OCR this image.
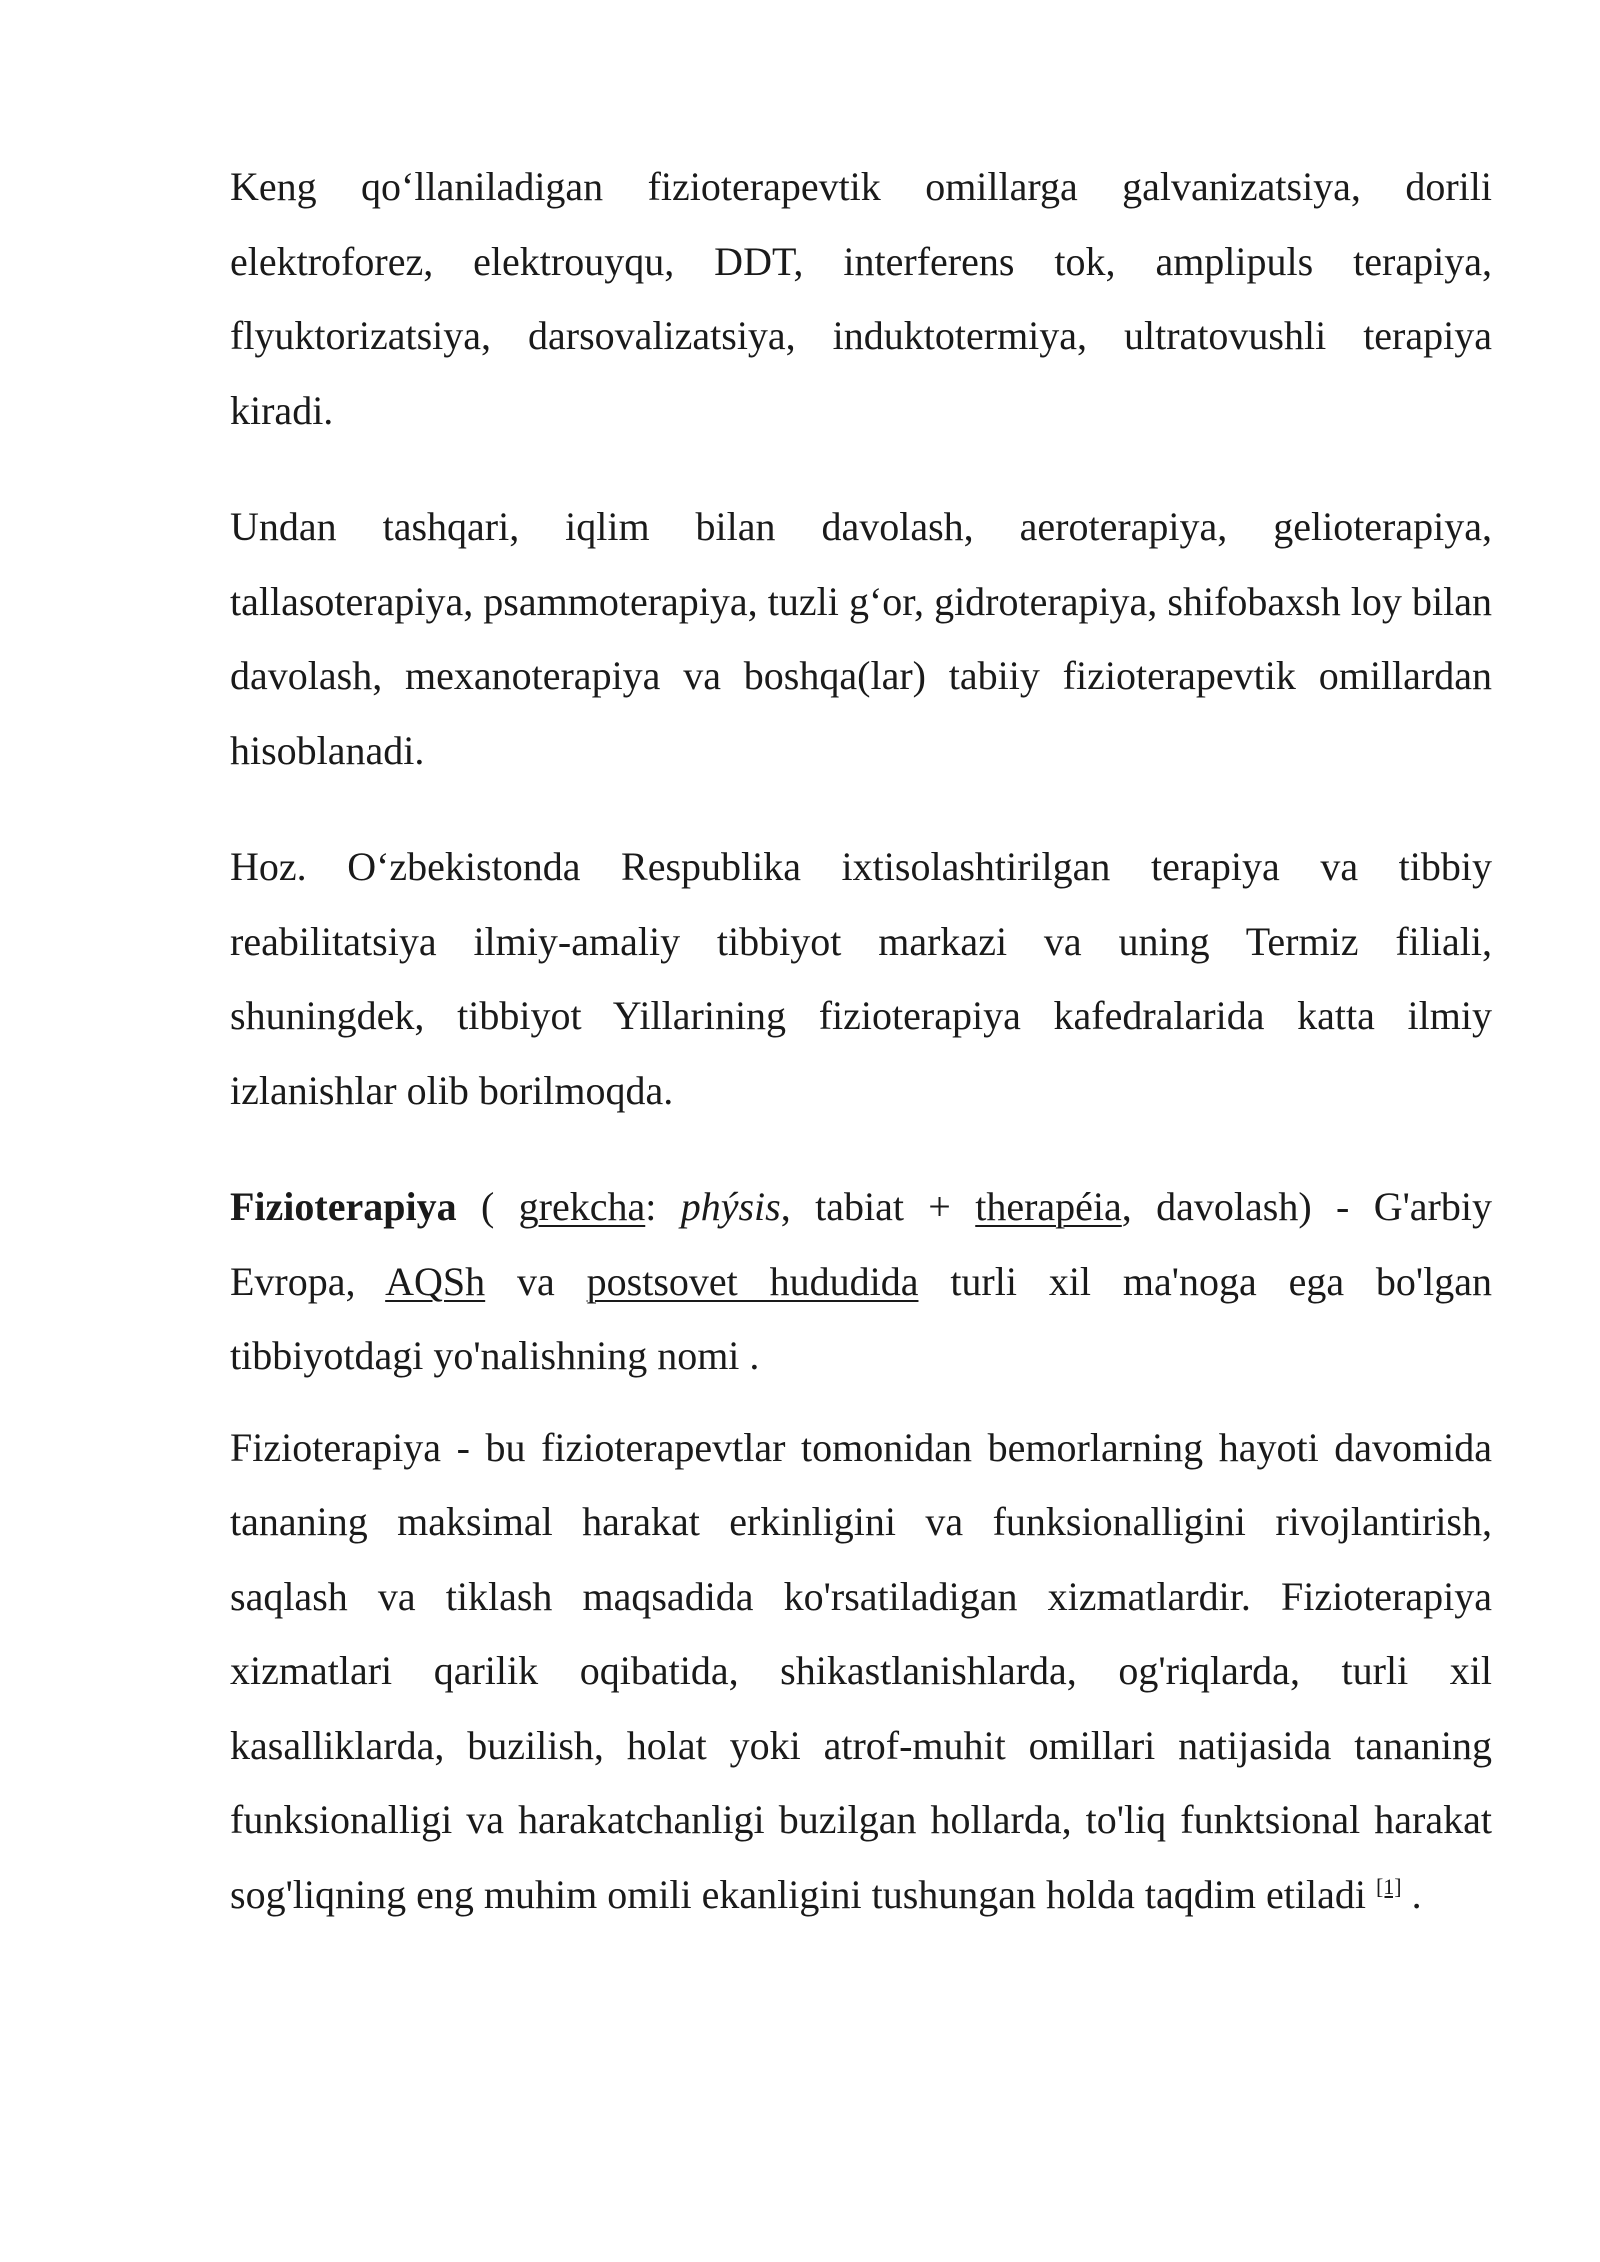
Keng qo‘llaniladigan fizioterapevtik omillarga galvanizatsiya, dorili elektroforez, elektrouyqu, DDT, interferens tok, amplipuls terapiya, flyuktorizatsiya, darsovalizatsiya, induktotermiya, ultratovushli terapiya kiradi.

Undan tashqari, iqlim bilan davolash, aeroterapiya, gelioterapiya, tallasoterapiya, psammoterapiya, tuzli g‘or, gidroterapiya, shifobaxsh loy bilan davolash, mexanoterapiya va boshqa(lar) tabiiy fizioterapevtik omillardan hisoblanadi.

Hoz. O‘zbekistonda Respublika ixtisolashtirilgan terapiya va tibbiy reabilitatsiya ilmiy-amaliy tibbiyot markazi va uning Termiz filiali, shuningdek, tibbiyot Yillarining fizioterapiya kafedralarida katta ilmiy izlanishlar olib borilmoqda.

Fizioterapiya ( grekcha: phýsis, tabiat + therapéia, davolash) - G'arbiy Evropa, AQSh va postsovet hududida turli xil ma'noga ega bo'lgan tibbiyotdagi yo'nalishning nomi .

Fizioterapiya - bu fizioterapevtlar tomonidan bemorlarning hayoti davomida tananing maksimal harakat erkinligini va funksionalligini rivojlantirish, saqlash va tiklash maqsadida ko'rsatiladigan xizmatlardir. Fizioterapiya xizmatlari qarilik oqibatida, shikastlanishlarda, og'riqlarda, turli xil kasalliklarda, buzilish, holat yoki atrof-muhit omillari natijasida tananing funksionalligi va harakatchanligi buzilgan hollarda, to'liq funktsional harakat sog'liqning eng muhim omili ekanligini tushungan holda taqdim etiladi [1] .
